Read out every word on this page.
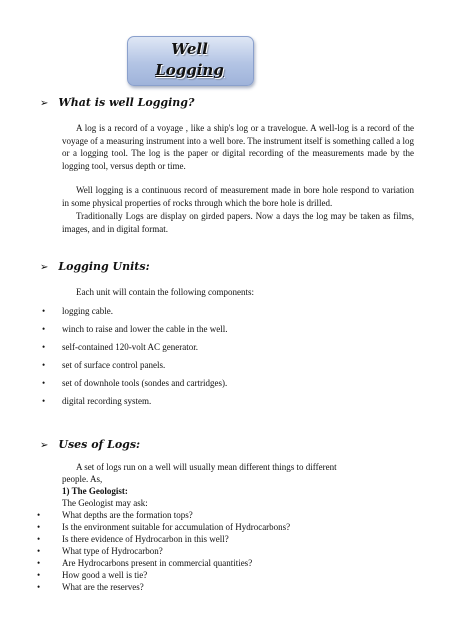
Well
Logging
➢ What is well Logging?

A log is a record of a voyage , like a ship's log or a travelogue. A well-log is a record of the voyage of a measuring instrument into a well bore. The instrument itself is something called a log or a logging tool. The log is the paper or digital recording of the measurements made by the logging tool, versus depth or time.

Well logging is a continuous record of measurement made in bore hole respond to variation in some physical properties of rocks through which the bore hole is drilled.

Traditionally Logs are display on girded papers. Now a days the log may be taken as films, images, and in digital format.

➢ Logging Units:

Each unit will contain the following components:

• logging cable.
• winch to raise and lower the cable in the well.
• self-contained 120-volt AC generator.
• set of surface control panels.
• set of downhole tools (sondes and cartridges).
• digital recording system.
➢ Uses of Logs:

A set of logs run on a well will usually mean different things to different

people. As,

1) The Geologist:

The Geologist may ask:

• What depths are the formation tops?
• Is the environment suitable for accumulation of Hydrocarbons?
• Is there evidence of Hydrocarbon in this well?
• What type of Hydrocarbon?
• Are Hydrocarbons present in commercial quantities?
• How good a well is tie?
• What are the reserves?
